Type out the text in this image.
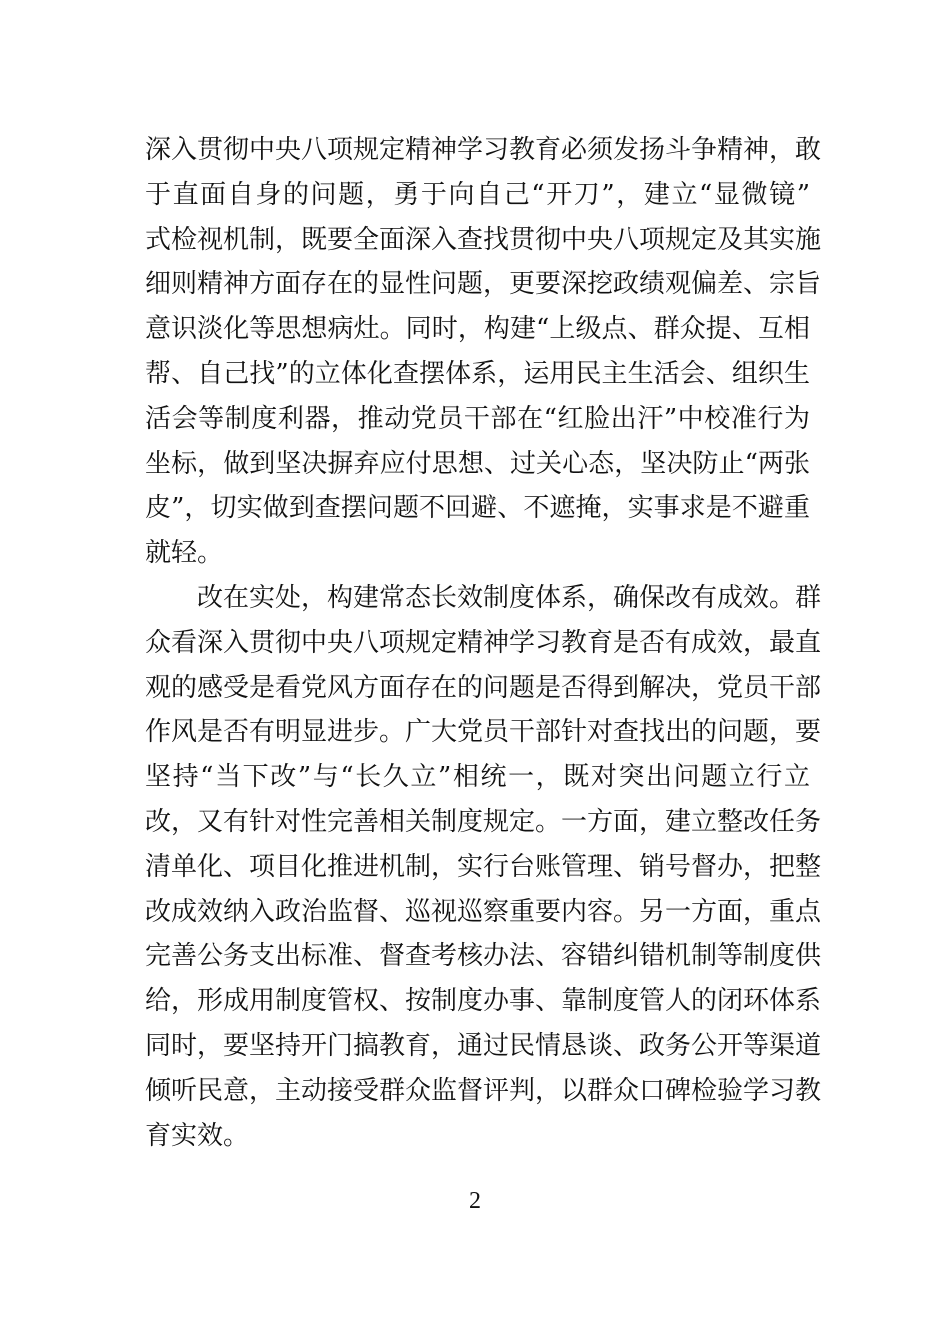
深入贯彻中央八项规定精神学习教育必须发扬斗争精神，敢
于直面自身的问题，勇于向自己“开刀”，建立“显微镜”
式检视机制，既要全面深入查找贯彻中央八项规定及其实施
细则精神方面存在的显性问题，更要深挖政绩观偏差、宗旨
意识淡化等思想病灶。同时，构建“上级点、群众提、互相
帮、自己找”的立体化查摆体系，运用民主生活会、组织生
活会等制度利器，推动党员干部在“红脸出汗”中校准行为
坐标，做到坚决摒弃应付思想、过关心态，坚决防止“两张
皮”，切实做到查摆问题不回避、不遮掩，实事求是不避重
就轻。
改在实处，构建常态长效制度体系，确保改有成效。群
众看深入贯彻中央八项规定精神学习教育是否有成效，最直
观的感受是看党风方面存在的问题是否得到解决，党员干部
作风是否有明显进步。广大党员干部针对查找出的问题，要
坚持“当下改”与“长久立”相统一，既对突出问题立行立
改，又有针对性完善相关制度规定。一方面，建立整改任务
清单化、项目化推进机制，实行台账管理、销号督办，把整
改成效纳入政治监督、巡视巡察重要内容。另一方面，重点
完善公务支出标准、督查考核办法、容错纠错机制等制度供
给，形成用制度管权、按制度办事、靠制度管人的闭环体系
同时，要坚持开门搞教育，通过民情恳谈、政务公开等渠道
倾听民意，主动接受群众监督评判，以群众口碑检验学习教
育实效。
2
